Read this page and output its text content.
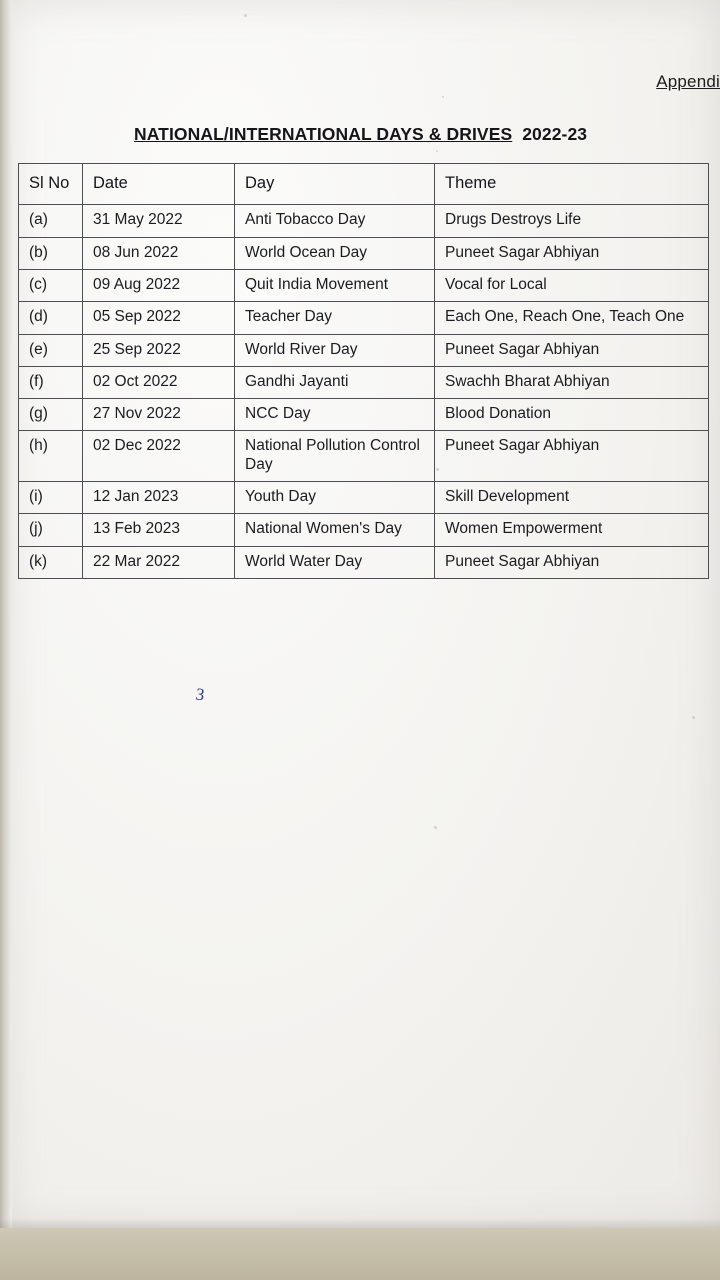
Appendi
NATIONAL/INTERNATIONAL DAYS & DRIVES 2022-23
Sl No	Date	Day	Theme
(a)	31 May 2022	Anti Tobacco Day	Drugs Destroys Life
(b)	08 Jun 2022	World Ocean Day	Puneet Sagar Abhiyan
(c)	09 Aug 2022	Quit India Movement	Vocal for Local
(d)	05 Sep 2022	Teacher Day	Each One, Reach One, Teach One
(e)	25 Sep 2022	World River Day	Puneet Sagar Abhiyan
(f)	02 Oct 2022	Gandhi Jayanti	Swachh Bharat Abhiyan
(g)	27 Nov 2022	NCC Day	Blood Donation
(h)	02 Dec 2022	National Pollution Control Day	Puneet Sagar Abhiyan
(i)	12 Jan 2023	Youth Day	Skill Development
(j)	13 Feb 2023	National Women's Day	Women Empowerment
(k)	22 Mar 2022	World Water Day	Puneet Sagar Abhiyan
3
